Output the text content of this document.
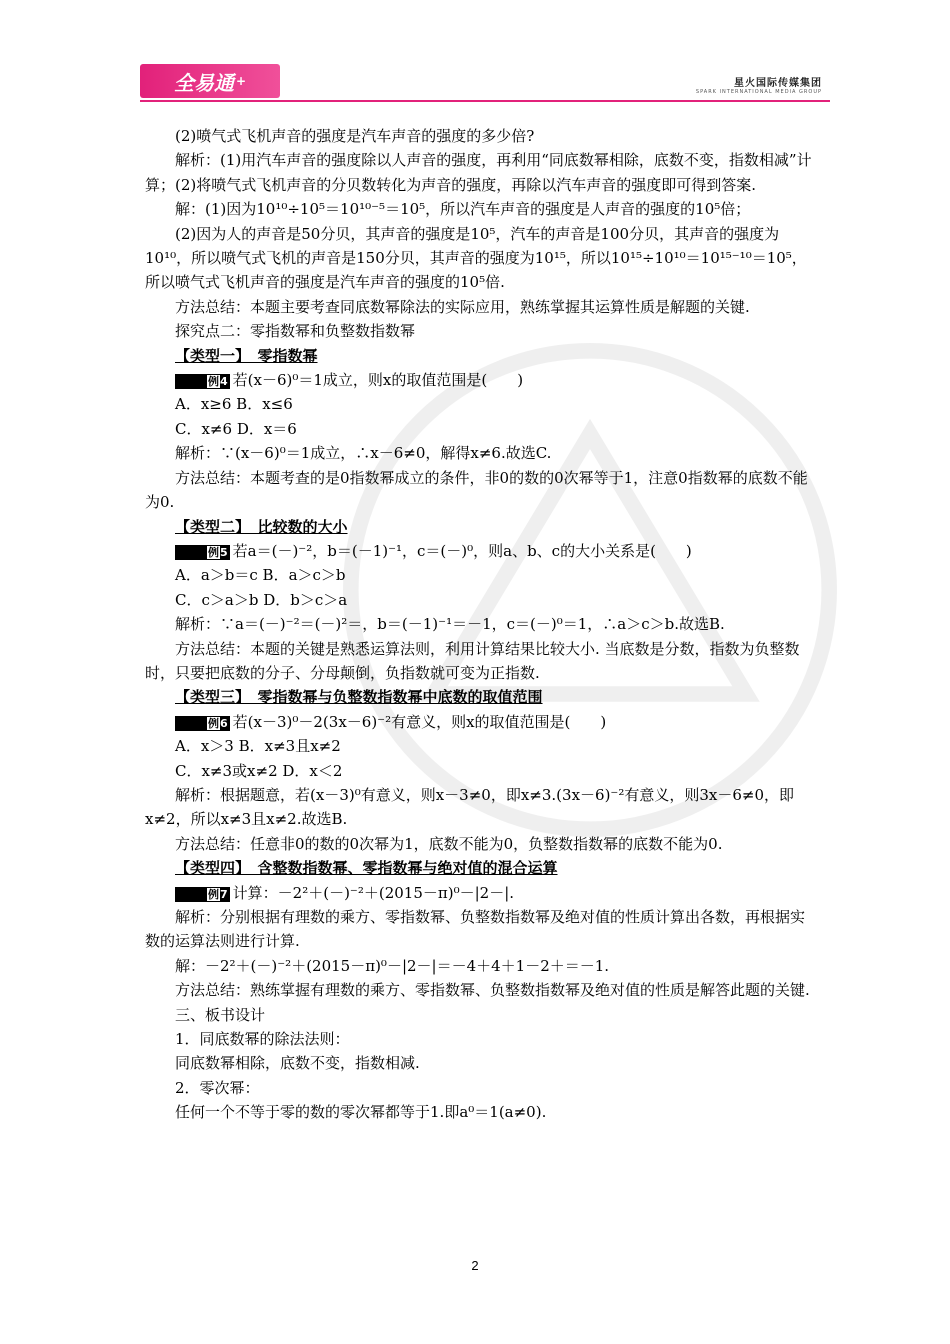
全易通 +	星火国际传媒集团
SPARK INTERNATIONAL MEDIA GROUP

(2)喷气式飞机声音的强度是汽车声音的强度的多少倍?

解析：(1)用汽车声音的强度除以人声音的强度，再利用“同底数幂相除，底数不变，指数相减”计算；(2)将喷气式飞机声音的分贝数转化为声音的强度，再除以汽车声音的强度即可得到答案.

解：(1)因为10¹⁰÷10⁵＝10¹⁰⁻⁵＝10⁵，所以汽车声音的强度是人声音的强度的10⁵倍；

(2)因为人的声音是50分贝，其声音的强度是10⁵，汽车的声音是100分贝，其声音的强度为10¹⁰，所以喷气式飞机的声音是150分贝，其声音的强度为10¹⁵，所以10¹⁵÷10¹⁰＝10¹⁵⁻¹⁰＝10⁵，所以喷气式飞机声音的强度是汽车声音的强度的10⁵倍.

方法总结：本题主要考查同底数幂除法的实际应用，熟练掌握其运算性质是解题的关键.

探究点二：零指数幂和负整数指数幂

【类型一】　零指数幂

例4 若(x－6)⁰＝1成立，则x的取值范围是(　　)

A．x≥6 B．x≤6

C．x≠6 D．x＝6

解析：∵(x－6)⁰＝1成立，∴x－6≠0，解得x≠6.故选C.

方法总结：本题考查的是0指数幂成立的条件，非0的数的0次幂等于1，注意0指数幂的底数不能为0.

【类型二】　比较数的大小

例5 若a＝(－)⁻²，b＝(－1)⁻¹，c＝(－)⁰，则a、b、c的大小关系是(　　)

A．a＞b＝c B．a＞c＞b

C．c＞a＞b D．b＞c＞a

解析：∵a＝(－)⁻²＝(－)²＝，b＝(－1)⁻¹＝－1，c＝(－)⁰＝1，∴a＞c＞b.故选B.

方法总结：本题的关键是熟悉运算法则，利用计算结果比较大小. 当底数是分数，指数为负整数时，只要把底数的分子、分母颠倒，负指数就可变为正指数.

【类型三】　零指数幂与负整数指数幂中底数的取值范围

例6 若(x－3)⁰－2(3x－6)⁻²有意义，则x的取值范围是(　　)

A．x＞3 B．x≠3且x≠2

C．x≠3或x≠2 D．x＜2

解析：根据题意，若(x－3)⁰有意义，则x－3≠0，即x≠3.(3x－6)⁻²有意义，则3x－6≠0，即x≠2，所以x≠3且x≠2.故选B.

方法总结：任意非0的数的0次幂为1，底数不能为0，负整数指数幂的底数不能为0.

【类型四】　含整数指数幂、零指数幂与绝对值的混合运算

例7 计算：－2²＋(－)⁻²＋(2015－π)⁰－|2－|.

解析：分别根据有理数的乘方、零指数幂、负整数指数幂及绝对值的性质计算出各数，再根据实数的运算法则进行计算.

解：－2²＋(－)⁻²＋(2015－π)⁰－|2－|＝－4＋4＋1－2＋＝－1.

方法总结：熟练掌握有理数的乘方、零指数幂、负整数指数幂及绝对值的性质是解答此题的关键.

三、板书设计

1．同底数幂的除法法则：

同底数幂相除，底数不变，指数相减.

2．零次幂：

任何一个不等于零的数的零次幂都等于1.即a⁰＝1(a≠0).

2
